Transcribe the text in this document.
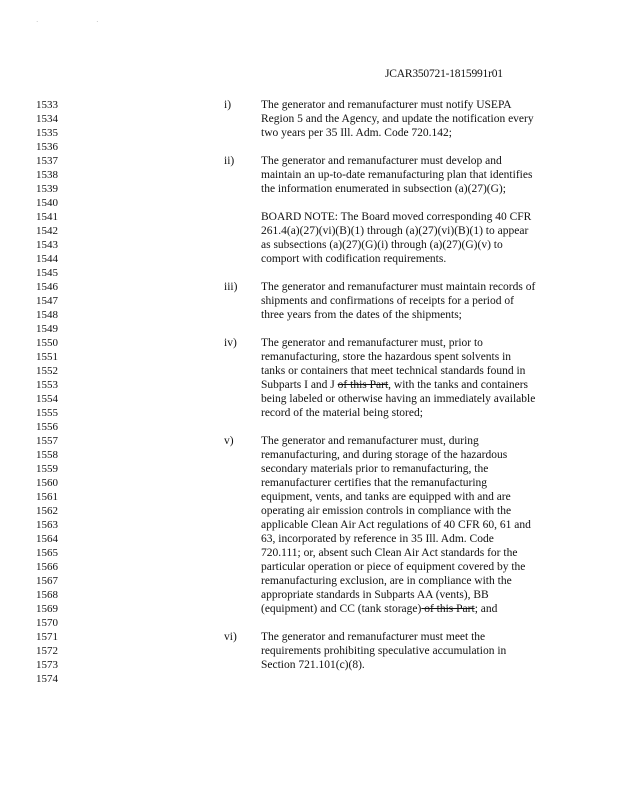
· ·
JCAR350721-1815991r01
1533
1534
1535
1536
1537
1538
1539
1540
1541
1542
1543
1544
1545
1546
1547
1548
1549
1550
1551
1552
1553
1554
1555
1556
1557
1558
1559
1560
1561
1562
1563
1564
1565
1566
1567
1568
1569
1570
1571
1572
1573
1574
i)	The generator and remanufacturer must notify USEPA
Region 5 and the Agency, and update the notification every
two years per 35 Ill. Adm. Code 720.142;
ii) The generator and remanufacturer must develop and
maintain an up-to-date remanufacturing plan that identifies
the information enumerated in subsection (a)(27)(G);
BOARD NOTE: The Board moved corresponding 40 CFR
261.4(a)(27)(vi)(B)(1) through (a)(27)(vi)(B)(1) to appear
as subsections (a)(27)(G)(i) through (a)(27)(G)(v) to
comport with codification requirements.
iii) The generator and remanufacturer must maintain records of
shipments and confirmations of receipts for a period of
three years from the dates of the shipments;
iv) The generator and remanufacturer must, prior to
remanufacturing, store the hazardous spent solvents in
tanks or containers that meet technical standards found in
Subparts I and J of this Part, with the tanks and containers
being labeled or otherwise having an immediately available
record of the material being stored;
v) The generator and remanufacturer must, during
remanufacturing, and during storage of the hazardous
secondary materials prior to remanufacturing, the
remanufacturer certifies that the remanufacturing
equipment, vents, and tanks are equipped with and are
operating air emission controls in compliance with the
applicable Clean Air Act regulations of 40 CFR 60, 61 and
63, incorporated by reference in 35 Ill. Adm. Code
720.111; or, absent such Clean Air Act standards for the
particular operation or piece of equipment covered by the
remanufacturing exclusion, are in compliance with the
appropriate standards in Subparts AA (vents), BB
(equipment) and CC (tank storage) of this Part; and
vi) The generator and remanufacturer must meet the
requirements prohibiting speculative accumulation in
Section 721.101(c)(8).
